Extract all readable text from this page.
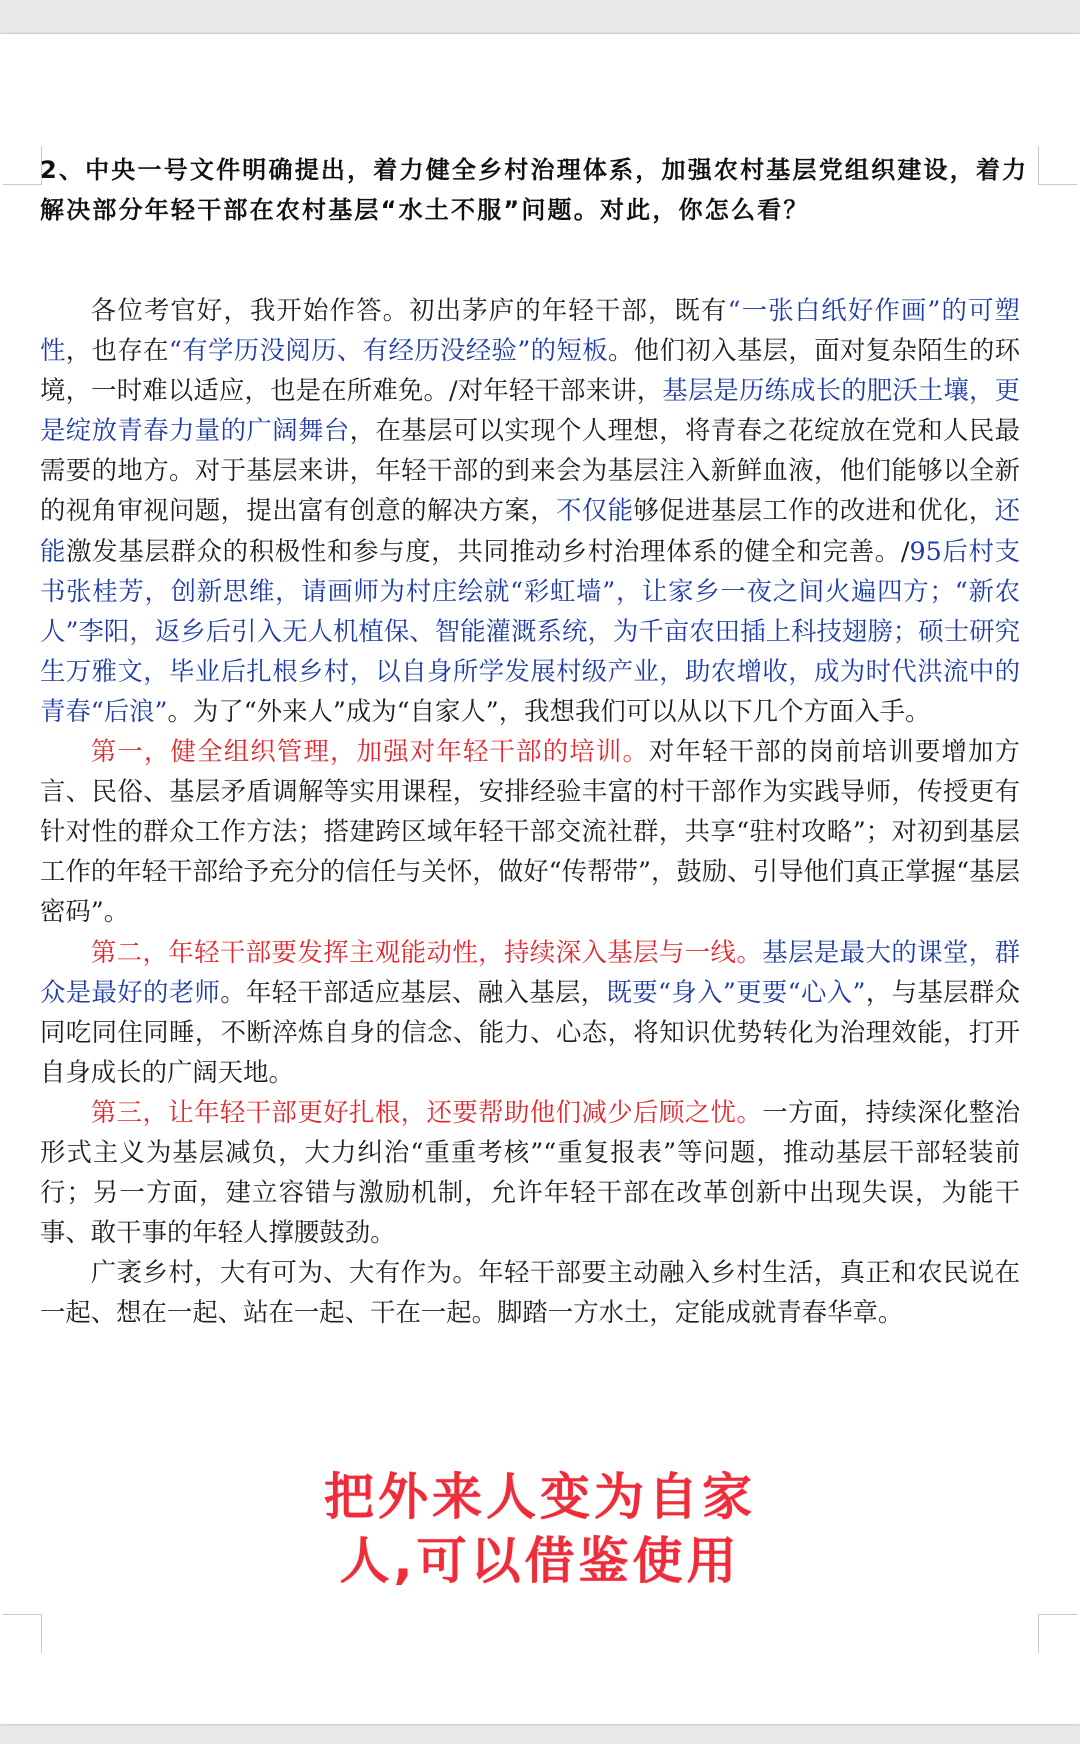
2、中央一号文件明确提出，着力健全乡村治理体系，加强农村基层党组织建设，着力解决部分年轻干部在农村基层“水土不服”问题。对此，你怎么看？

各位考官好，我开始作答。初出茅庐的年轻干部，既有“一张白纸好作画”的可塑性，也存在“有学历没阅历、有经历没经验”的短板。他们初入基层，面对复杂陌生的环境，一时难以适应，也是在所难免。/对年轻干部来讲，基层是历练成长的肥沃土壤，更是绽放青春力量的广阔舞台，在基层可以实现个人理想，将青春之花绽放在党和人民最需要的地方。对于基层来讲，年轻干部的到来会为基层注入新鲜血液，他们能够以全新的视角审视问题，提出富有创意的解决方案，不仅能够促进基层工作的改进和优化，还能激发基层群众的积极性和参与度，共同推动乡村治理体系的健全和完善。/95后村支书张桂芳，创新思维，请画师为村庄绘就“彩虹墙”，让家乡一夜之间火遍四方；“新农人”李阳，返乡后引入无人机植保、智能灌溉系统，为千亩农田插上科技翅膀；硕士研究生万雅文，毕业后扎根乡村，以自身所学发展村级产业，助农增收，成为时代洪流中的青春“后浪”。为了“外来人”成为“自家人”，我想我们可以从以下几个方面入手。

第一，健全组织管理，加强对年轻干部的培训。对年轻干部的岗前培训要增加方言、民俗、基层矛盾调解等实用课程，安排经验丰富的村干部作为实践导师，传授更有针对性的群众工作方法；搭建跨区域年轻干部交流社群，共享“驻村攻略”；对初到基层工作的年轻干部给予充分的信任与关怀，做好“传帮带”，鼓励、引导他们真正掌握“基层密码”。

第二，年轻干部要发挥主观能动性，持续深入基层与一线。基层是最大的课堂，群众是最好的老师。年轻干部适应基层、融入基层，既要“身入”更要“心入”，与基层群众同吃同住同睡，不断淬炼自身的信念、能力、心态，将知识优势转化为治理效能，打开自身成长的广阔天地。

第三，让年轻干部更好扎根，还要帮助他们减少后顾之忧。一方面，持续深化整治形式主义为基层减负，大力纠治“重重考核”“重复报表”等问题，推动基层干部轻装前行；另一方面，建立容错与激励机制，允许年轻干部在改革创新中出现失误，为能干事、敢干事的年轻人撑腰鼓劲。

广袤乡村，大有可为、大有作为。年轻干部要主动融入乡村生活，真正和农民说在一起、想在一起、站在一起、干在一起。脚踏一方水土，定能成就青春华章。

把外来人变为自家
人,可以借鉴使用
